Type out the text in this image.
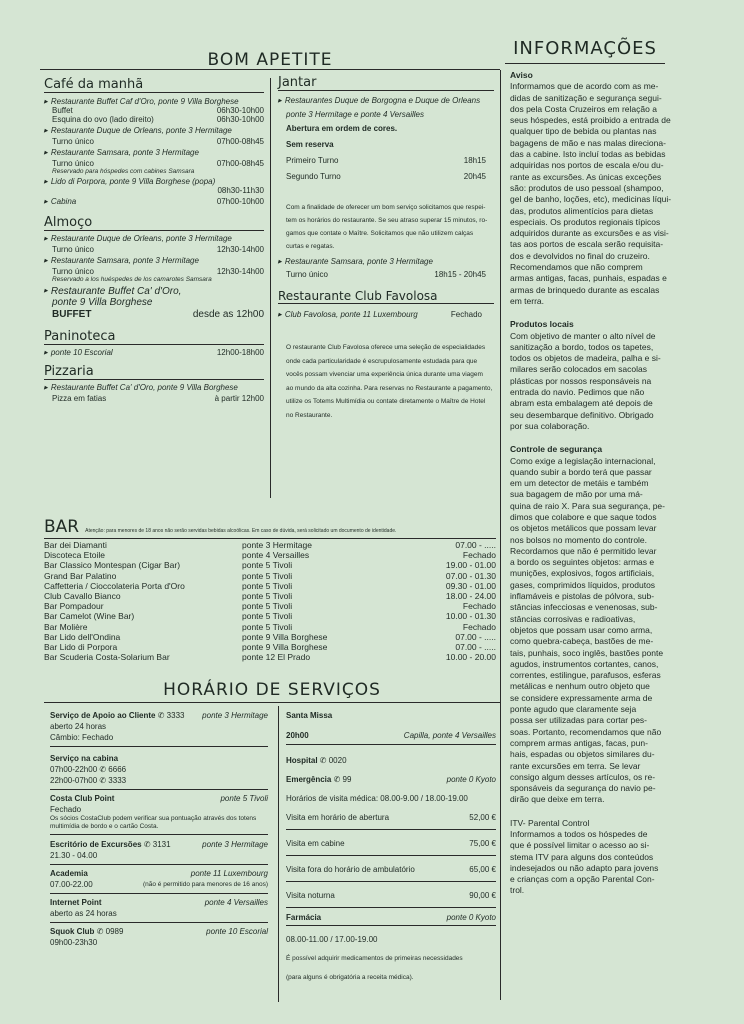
BOM APETITE
Café da manhã
▶ Restaurante Buffet Caf d'Oro, ponte 9 Villa Borghese
Buffet	06h30-10h00
Esquina do ovo (lado direito)	06h30-10h00
▶ Restaurante Duque de Orleans, ponte 3 Hermitage
Turno único	07h00-08h45
▶ Restaurante Samsara, ponte 3 Hermitage
Turno único	07h00-08h45
Reservado para hóspedes com cabines Samsara
▶ Lido di Porpora, ponte 9 Villa Borghese (popa)
08h30-11h30
▶ Cabina	07h00-10h00
Almoço
▶ Restaurante Duque de Orleans, ponte 3 Hermitage
Turno único	12h30-14h00
▶ Restaurante Samsara, ponte 3 Hermitage
Turno único	12h30-14h00
Reservado a los huéspedes de los camarotes Samsara
▶ Restaurante Buffet Ca' d'Oro,
ponte 9 Villa Borghese
BUFFET	desde as 12h00
Paninoteca
▶ ponte 10 Escorial	12h00-18h00
Pizzaria
▶ Restaurante Buffet Ca' d'Oro, ponte 9 Villa Borghese
Pizza em fatias	à partir 12h00
Jantar
▶ Restaurantes Duque de Borgogna e Duque de Orleans
ponte 3 Hermitage e ponte 4 Versailles
Abertura em ordem de cores.
Sem reserva
Primeiro Turno	18h15
Segundo Turno	20h45

Com a finalidade de oferecer um bom serviço solicitamos que respei-

tem os horários do restaurante. Se seu atraso superar 15 minutos, ro-

gamos que contate o Maître. Solicitamos que não utilizem calças

curtas e regatas.

▶ Restaurante Samsara, ponte 3 Hermitage
Turno único	18h15 - 20h45
Restaurante Club Favolosa
▶ Club Favolosa, ponte 11 Luxembourg	Fechado

O restaurante Club Favolosa oferece uma seleção de especialidades

onde cada particularidade é escrupulosamente estudada para que

vocês possam vivenciar uma experiência única durante uma viagem

ao mundo da alta cozinha. Para reservas no Restaurante a pagamento,

utilize os Totems Multimídia ou contate diretamente o Maître de Hotel

no Restaurante.

BAR Atenção: para menores de 18 anos não serão servidas bebidas alcoólicas. Em caso de dúvida, será solicitado um documento de identidade.
Bar dei Diamanti	ponte 3 Hermitage	07.00 - .....
Discoteca Etoile	ponte 4 Versailles	Fechado
Bar Classico Montespan (Cigar Bar)	ponte 5 Tivoli	19.00 - 01.00
Grand Bar Palatino	ponte 5 Tivoli	07.00 - 01.30
Caffetteria / Cioccolateria Porta d'Oro	ponte 5 Tivoli	09.30 - 01.00
Club Cavallo Bianco	ponte 5 Tivoli	18.00 - 24.00
Bar Pompadour	ponte 5 Tivoli	Fechado
Bar Camelot (Wine Bar)	ponte 5 Tivoli	10.00 - 01.30
Bar Molière	ponte 5 Tivoli	Fechado
Bar Lido dell'Ondina	ponte 9 Villa Borghese	07.00 - .....
Bar Lido di Porpora	ponte 9 Villa Borghese	07.00 - .....
Bar Scuderia Costa-Solarium Bar	ponte 12 El Prado	10.00 - 20.00
HORÁRIO DE SERVIÇOS
Serviço de Apoio ao Cliente ✆ 3333 ponte 3 Hermitage
aberto 24 horas
Câmbio: Fechado
Serviço na cabina
07h00-22h00 ✆ 6666
22h00-07h00 ✆ 3333
Costa Club Point	ponte 5 Tivoli
Fechado
Os sócios CostaClub podem verificar sua pontuação através dos totens
multimídia de bordo e o cartão Costa.
Escritório de Excursões ✆ 3131	ponte 3 Hermitage
21.30 - 04.00
Academia	ponte 11 Luxembourg
07.00-22.00	(não é permitido para menores de 16 anos)
Internet Point	ponte 4 Versailles
aberto as 24 horas
Squok Club ✆ 0989	ponte 10 Escorial
09h00-23h30
Santa Missa
20h00	Capilla, ponte 4 Versailles
Hospital ✆ 0020
Emergência ✆ 99	ponte 0 Kyoto
Horários de visita médica: 08.00-9.00 / 18.00-19.00
Visita em horário de abertura	52,00 €
Visita em cabine	75,00 €
Visita fora do horário de ambulatório	65,00 €
Visita noturna	90,00 €
Farmácia	ponte 0 Kyoto
08.00-11.00 / 17.00-19.00
É possível adquirir medicamentos de primeiras necessidades
(para alguns é obrigatória a receita médica).
INFORMAÇÕES
Aviso
Informamos que de acordo com as me-
didas de sanitização e segurança segui-
dos pela Costa Cruzeiros em relação a
seus hóspedes, está proibido a entrada de
qualquer tipo de bebida ou plantas nas
bagagens de mão e nas malas direciona-
das a cabine. Isto incluí todas as bebidas
adquiridas nos portos de escala e/ou du-
rante as excursões. As únicas exceções
são: produtos de uso pessoal (shampoo,
gel de banho, loções, etc), medicinas líqui-
das, produtos alimentícios para dietas
especiais. Os produtos regionais típicos
adquiridos durante as excursões e as visi-
tas aos portos de escala serão requisita-
dos e devolvidos no final do cruzeiro.
Recomendamos que não comprem
armas antigas, facas, punhais, espadas e
armas de brinquedo durante as escalas
em terra.
Produtos locais
Com objetivo de manter o alto nível de
sanitização a bordo, todos os tapetes,
todos os objetos de madeira, palha e si-
milares serão colocados em sacolas
plásticas por nossos responsáveis na
entrada do navio. Pedimos que não
abram esta embalagem até depois de
seu desembarque definitivo. Obrigado
por sua colaboração.
Controle de segurança
Como exige a legislação internacional,
quando subir a bordo terá que passar
em um detector de metáis e também
sua bagagem de mão por uma má-
quina de raio X. Para sua segurança, pe-
dimos que colabore e que saque todos
os objetos metálicos que possam levar
nos bolsos no momento do controle.
Recordamos que não é permitido levar
a bordo os seguintes objetos: armas e
munições, explosivos, fogos artificiais,
gases, comprimidos líquidos, produtos
inflamáveis e pistolas de pólvora, sub-
stâncias infecciosas e venenosas, sub-
stâncias corrosivas e radioativas,
objetos que possam usar como arma,
como quebra-cabeça, bastões de me-
tais, punhais, soco inglês, bastões ponte
agudos, instrumentos cortantes, canos,
correntes, estilingue, parafusos, esferas
metálicas e nenhum outro objeto que
se considere expressamente arma de
ponte agudo que claramente seja
possa ser utilizadas para cortar pes-
soas. Portanto, recomendamos que não
comprem armas antigas, facas, pun-
hais, espadas ou objetos similares du-
rante excursões em terra. Se levar
consigo algum desses artículos, os re-
sponsáveis da segurança do navio pe-
dirão que deixe em terra.
ITV- Parental Control
Informamos a todos os hóspedes de
que é possível limitar o acesso ao si-
stema ITV para alguns dos conteúdos
indesejados ou não adapto para jovens
e crianças com a opção Parental Con-
trol.
